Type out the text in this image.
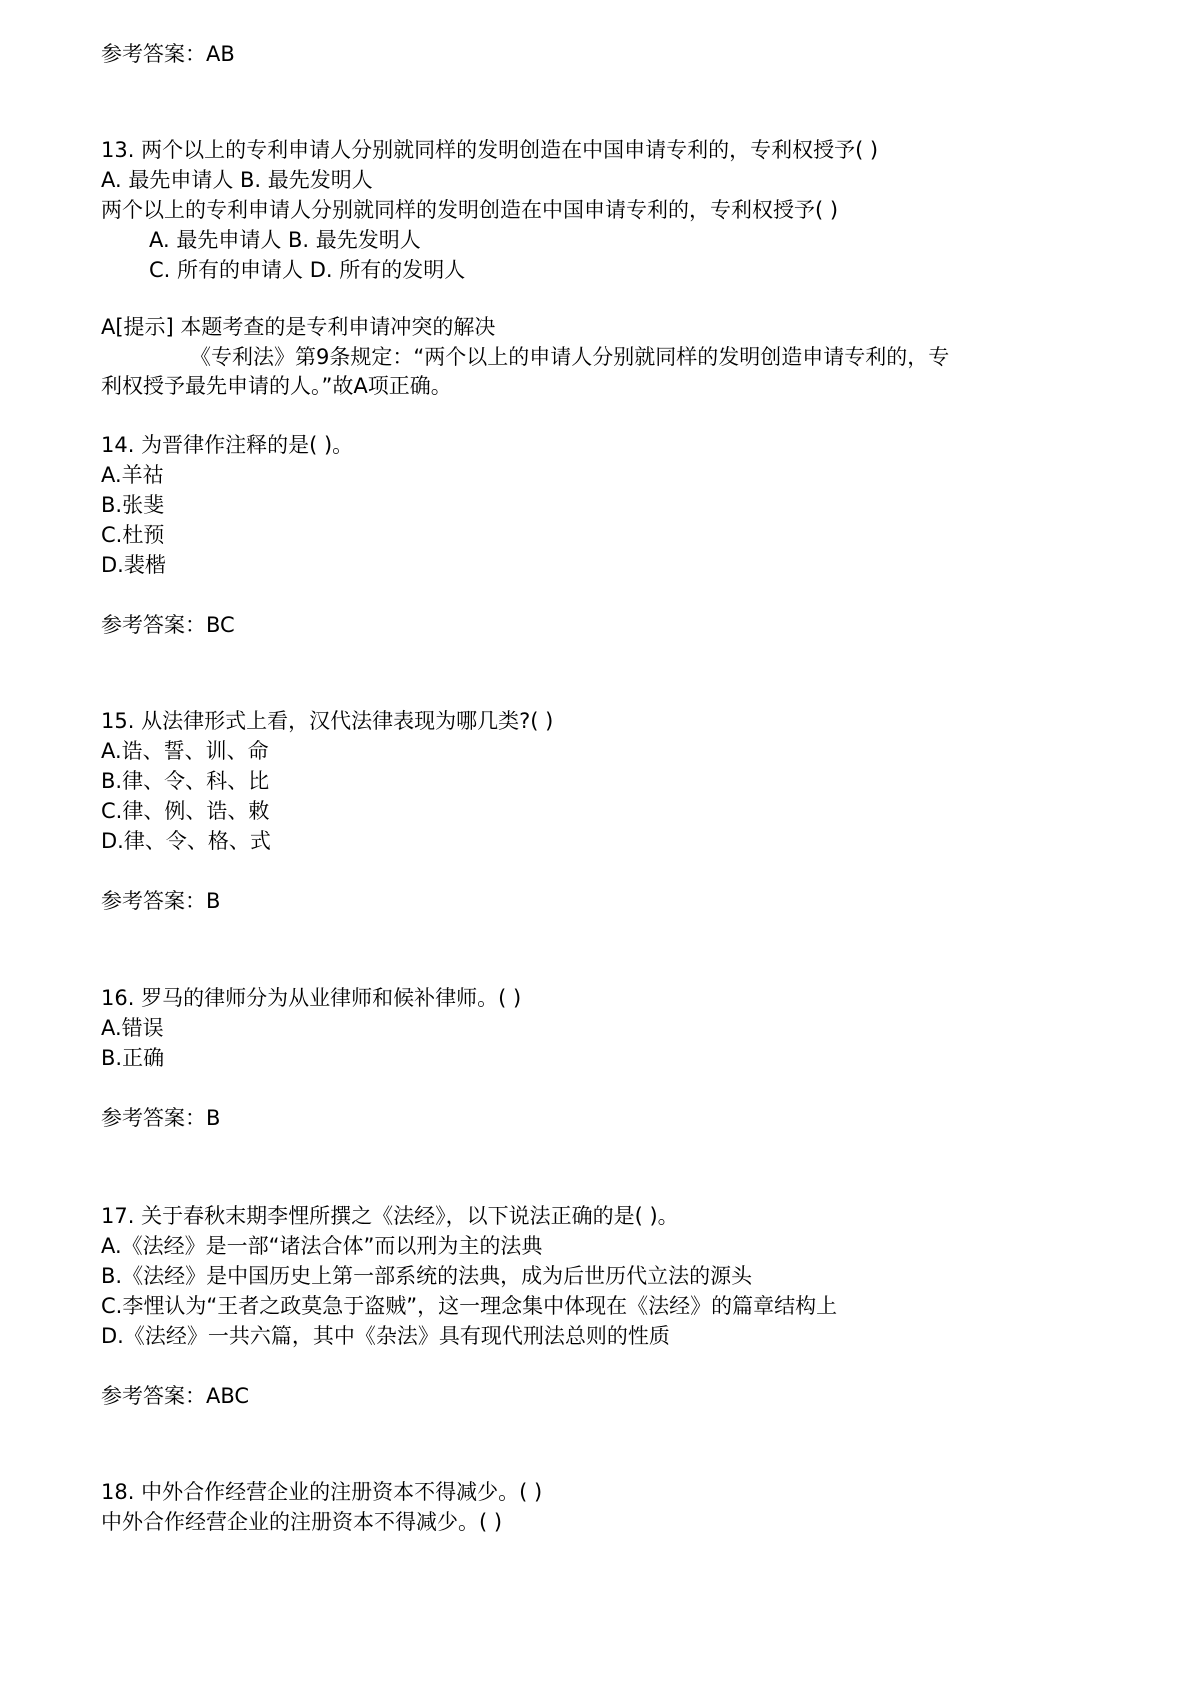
参考答案：AB
13. 两个以上的专利申请人分别就同样的发明创造在中国申请专利的，专利权授予( )
A. 最先申请人 B. 最先发明人
两个以上的专利申请人分别就同样的发明创造在中国申请专利的，专利权授予( )
A. 最先申请人 B. 最先发明人
C. 所有的申请人 D. 所有的发明人
A[提示] 本题考查的是专利申请冲突的解决
《专利法》第9条规定：“两个以上的申请人分别就同样的发明创造申请专利的，专
利权授予最先申请的人。”故A项正确。
14. 为晋律作注释的是( )。
A.羊祜
B.张斐
C.杜预
D.裴楷
参考答案：BC
15. 从法律形式上看，汉代法律表现为哪几类?( )
A.诰、誓、训、命
B.律、令、科、比
C.律、例、诰、敕
D.律、令、格、式
参考答案：B
16. 罗马的律师分为从业律师和候补律师。( )
A.错误
B.正确
参考答案：B
17. 关于春秋末期李悝所撰之《法经》，以下说法正确的是( )。
A.《法经》是一部“诸法合体”而以刑为主的法典
B.《法经》是中国历史上第一部系统的法典，成为后世历代立法的源头
C.李悝认为“王者之政莫急于盗贼”，这一理念集中体现在《法经》的篇章结构上
D.《法经》一共六篇，其中《杂法》具有现代刑法总则的性质
参考答案：ABC
18. 中外合作经营企业的注册资本不得减少。( )
中外合作经营企业的注册资本不得减少。( )
